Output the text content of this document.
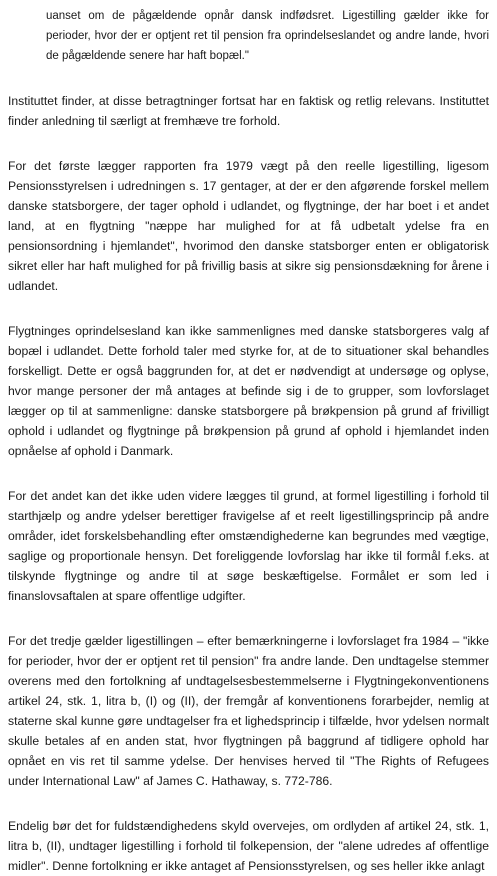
uanset om de pågældende opnår dansk indfødsret. Ligestilling gælder ikke for perioder, hvor der er optjent ret til pension fra oprindelseslandet og andre lande, hvori de pågældende senere har haft bopæl."

Instituttet finder, at disse betragtninger fortsat har en faktisk og retlig relevans. Instituttet finder anledning til særligt at fremhæve tre forhold.

For det første lægger rapporten fra 1979 vægt på den reelle ligestilling, ligesom Pensionsstyrelsen i udredningen s. 17 gentager, at der er den afgørende forskel mellem danske statsborgere, der tager ophold i udlandet, og flygtninge, der har boet i et andet land, at en flygtning "næppe har mulighed for at få udbetalt ydelse fra en pensionsordning i hjemlandet", hvorimod den danske statsborger enten er obligatorisk sikret eller har haft mulighed for på frivillig basis at sikre sig pensionsdækning for årene i udlandet.

Flygtninges oprindelsesland kan ikke sammenlignes med danske statsborgeres valg af bopæl i udlandet. Dette forhold taler med styrke for, at de to situationer skal behandles forskelligt. Dette er også baggrunden for, at det er nødvendigt at undersøge og oplyse, hvor mange personer der må antages at befinde sig i de to grupper, som lovforslaget lægger op til at sammenligne: danske statsborgere på brøkpension på grund af frivilligt ophold i udlandet og flygtninge på brøkpension på grund af ophold i hjemlandet inden opnåelse af ophold i Danmark.

For det andet kan det ikke uden videre lægges til grund, at formel ligestilling i forhold til starthjælp og andre ydelser berettiger fravigelse af et reelt ligestillingsprincip på andre områder, idet forskelsbehandling efter omstændighederne kan begrundes med vægtige, saglige og proportionale hensyn. Det foreliggende lovforslag har ikke til formål f.eks. at tilskynde flygtninge og andre til at søge beskæftigelse. Formålet er som led i finanslovsaftalen at spare offentlige udgifter.

For det tredje gælder ligestillingen – efter bemærkningerne i lovforslaget fra 1984 – "ikke for perioder, hvor der er optjent ret til pension" fra andre lande. Den undtagelse stemmer overens med den fortolkning af undtagelsesbestemmelserne i Flygtningekonventionens artikel 24, stk. 1, litra b, (I) og (II), der fremgår af konventionens forarbejder, nemlig at staterne skal kunne gøre undtagelser fra et lighedsprincip i tilfælde, hvor ydelsen normalt skulle betales af en anden stat, hvor flygtningen på baggrund af tidligere ophold har opnået en vis ret til samme ydelse. Der henvises herved til "The Rights of Refugees under International Law" af James C. Hathaway, s. 772-786.

Endelig bør det for fuldstændighedens skyld overvejes, om ordlyden af artikel 24, stk. 1, litra b, (II), undtager ligestilling i forhold til folkepension, der "alene udredes af offentlige midler". Denne fortolkning er ikke antaget af Pensionsstyrelsen, og ses heller ikke anlagt
